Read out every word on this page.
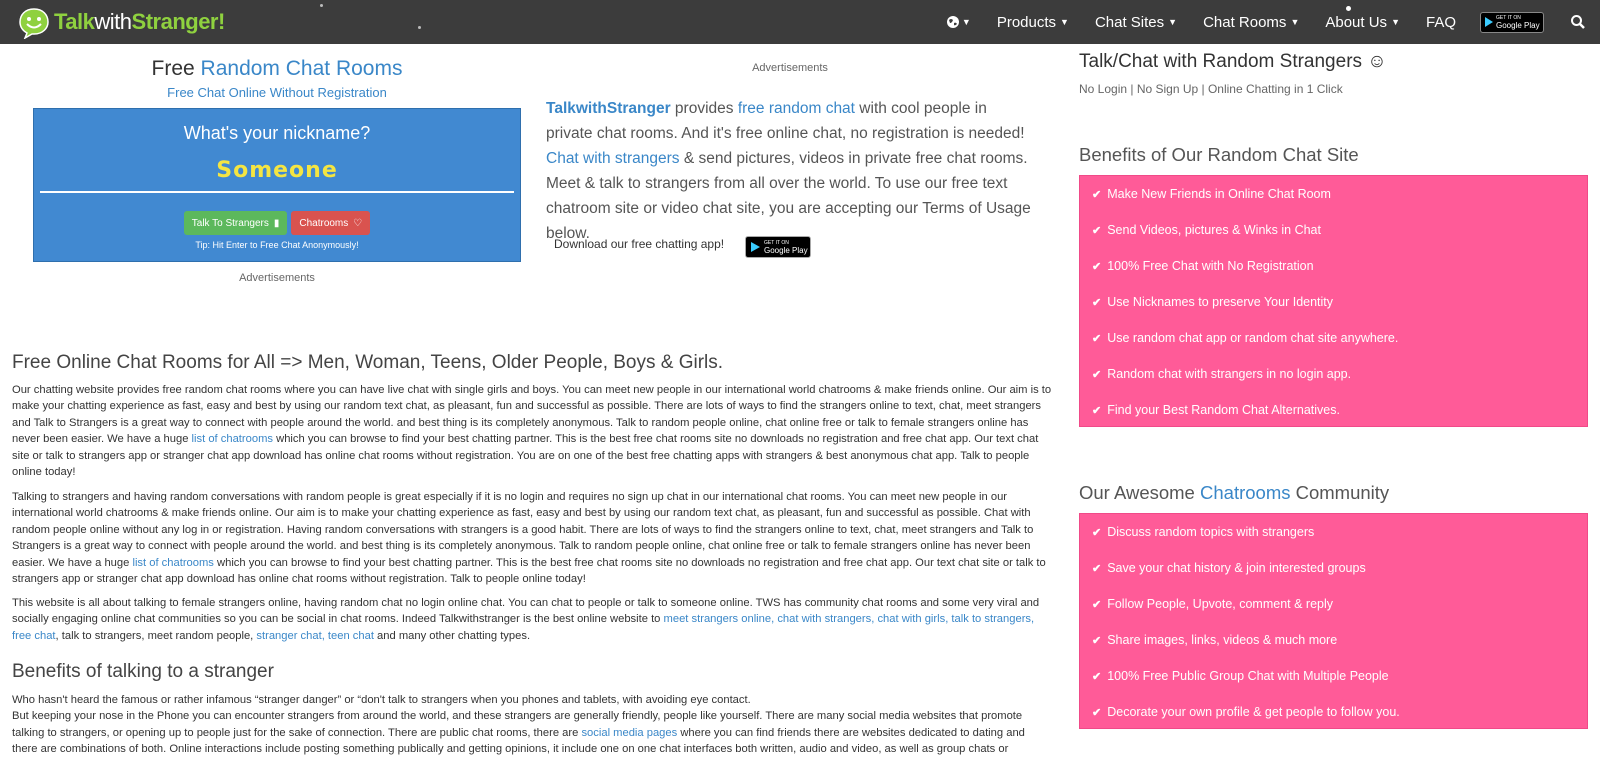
TalkwithStranger!	▼ Products ▼ Chat Sites ▼ Chat Rooms ▼ About Us ▼ FAQ	GET IT ON
Google Play
Free Random Chat Rooms
Free Chat Online Without Registration
What's your nickname?
Someone
Talk To Strangers ▮ Chatrooms ♡
Tip: Hit Enter to Free Chat Anonymously!
Advertisements
Advertisements
TalkwithStranger provides free random chat with cool people in private chat rooms. And it's free online chat, no registration is needed! Chat with strangers & send pictures, videos in private free chat rooms. Meet & talk to strangers from all over the world. To use our free text chatroom site or video chat site, you are accepting our Terms of Usage below.
Download our free chatting app!	GET IT ON
Google Play
Free Online Chat Rooms for All => Men, Woman, Teens, Older People, Boys & Girls.
Our chatting website provides free random chat rooms where you can have live chat with single girls and boys. You can meet new people in our international world chatrooms & make friends online. Our aim is to make your chatting experience as fast, easy and best by using our random text chat, as pleasant, fun and successful as possible. There are lots of ways to find the strangers online to text, chat, meet strangers and Talk to Strangers is a great way to connect with people around the world. and best thing is its completely anonymous. Talk to random people online, chat online free or talk to female strangers online has never been easier. We have a huge list of chatrooms which you can browse to find your best chatting partner. This is the best free chat rooms site no downloads no registration and free chat app. Our text chat site or talk to strangers app or stranger chat app download has online chat rooms without registration. You are on one of the best free chatting apps with strangers & best anonymous chat app. Talk to people online today!
Talking to strangers and having random conversations with random people is great especially if it is no login and requires no sign up chat in our international chat rooms. You can meet new people in our international world chatrooms & make friends online. Our aim is to make your chatting experience as fast, easy and best by using our random text chat, as pleasant, fun and successful as possible. Chat with random people online without any log in or registration. Having random conversations with strangers is a good habit. There are lots of ways to find the strangers online to text, chat, meet strangers and Talk to Strangers is a great way to connect with people around the world. and best thing is its completely anonymous. Talk to random people online, chat online free or talk to female strangers online has never been easier. We have a huge list of chatrooms which you can browse to find your best chatting partner. This is the best free chat rooms site no downloads no registration and free chat app. Our text chat site or talk to strangers app or stranger chat app download has online chat rooms without registration. Talk to people online today!
This website is all about talking to female strangers online, having random chat no login online chat. You can chat to people or talk to someone online. TWS has community chat rooms and some very viral and socially engaging online chat communities so you can be social in chat rooms. Indeed Talkwithstranger is the best online website to meet strangers online, chat with strangers, chat with girls, talk to strangers, free chat, talk to strangers, meet random people, stranger chat, teen chat and many other chatting types.
Benefits of talking to a stranger
Who hasn't heard the famous or rather infamous “stranger danger” or “don't talk to strangers when you phones and tablets, with avoiding eye contact.
But keeping your nose in the Phone you can encounter strangers from around the world, and these strangers are generally friendly, people like yourself. There are many social media websites that promote talking to strangers, or opening up to people just for the sake of connection. There are public chat rooms, there are social media pages where you can find friends there are websites dedicated to dating and there are combinations of both. Online interactions include posting something publically and getting opinions, it include one on one chat interfaces both written, audio and video, as well as group chats or
Talk/Chat with Random Strangers ☺
No Login | No Sign Up | Online Chatting in 1 Click
Benefits of Our Random Chat Site
✔ Make New Friends in Online Chat Room
✔ Send Videos, pictures & Winks in Chat
✔ 100% Free Chat with No Registration
✔ Use Nicknames to preserve Your Identity
✔ Use random chat app or random chat site anywhere.
✔ Random chat with strangers in no login app.
✔ Find your Best Random Chat Alternatives.
Our Awesome Chatrooms Community
✔ Discuss random topics with strangers
✔ Save your chat history & join interested groups
✔ Follow People, Upvote, comment & reply
✔ Share images, links, videos & much more
✔ 100% Free Public Group Chat with Multiple People
✔ Decorate your own profile & get people to follow you.
